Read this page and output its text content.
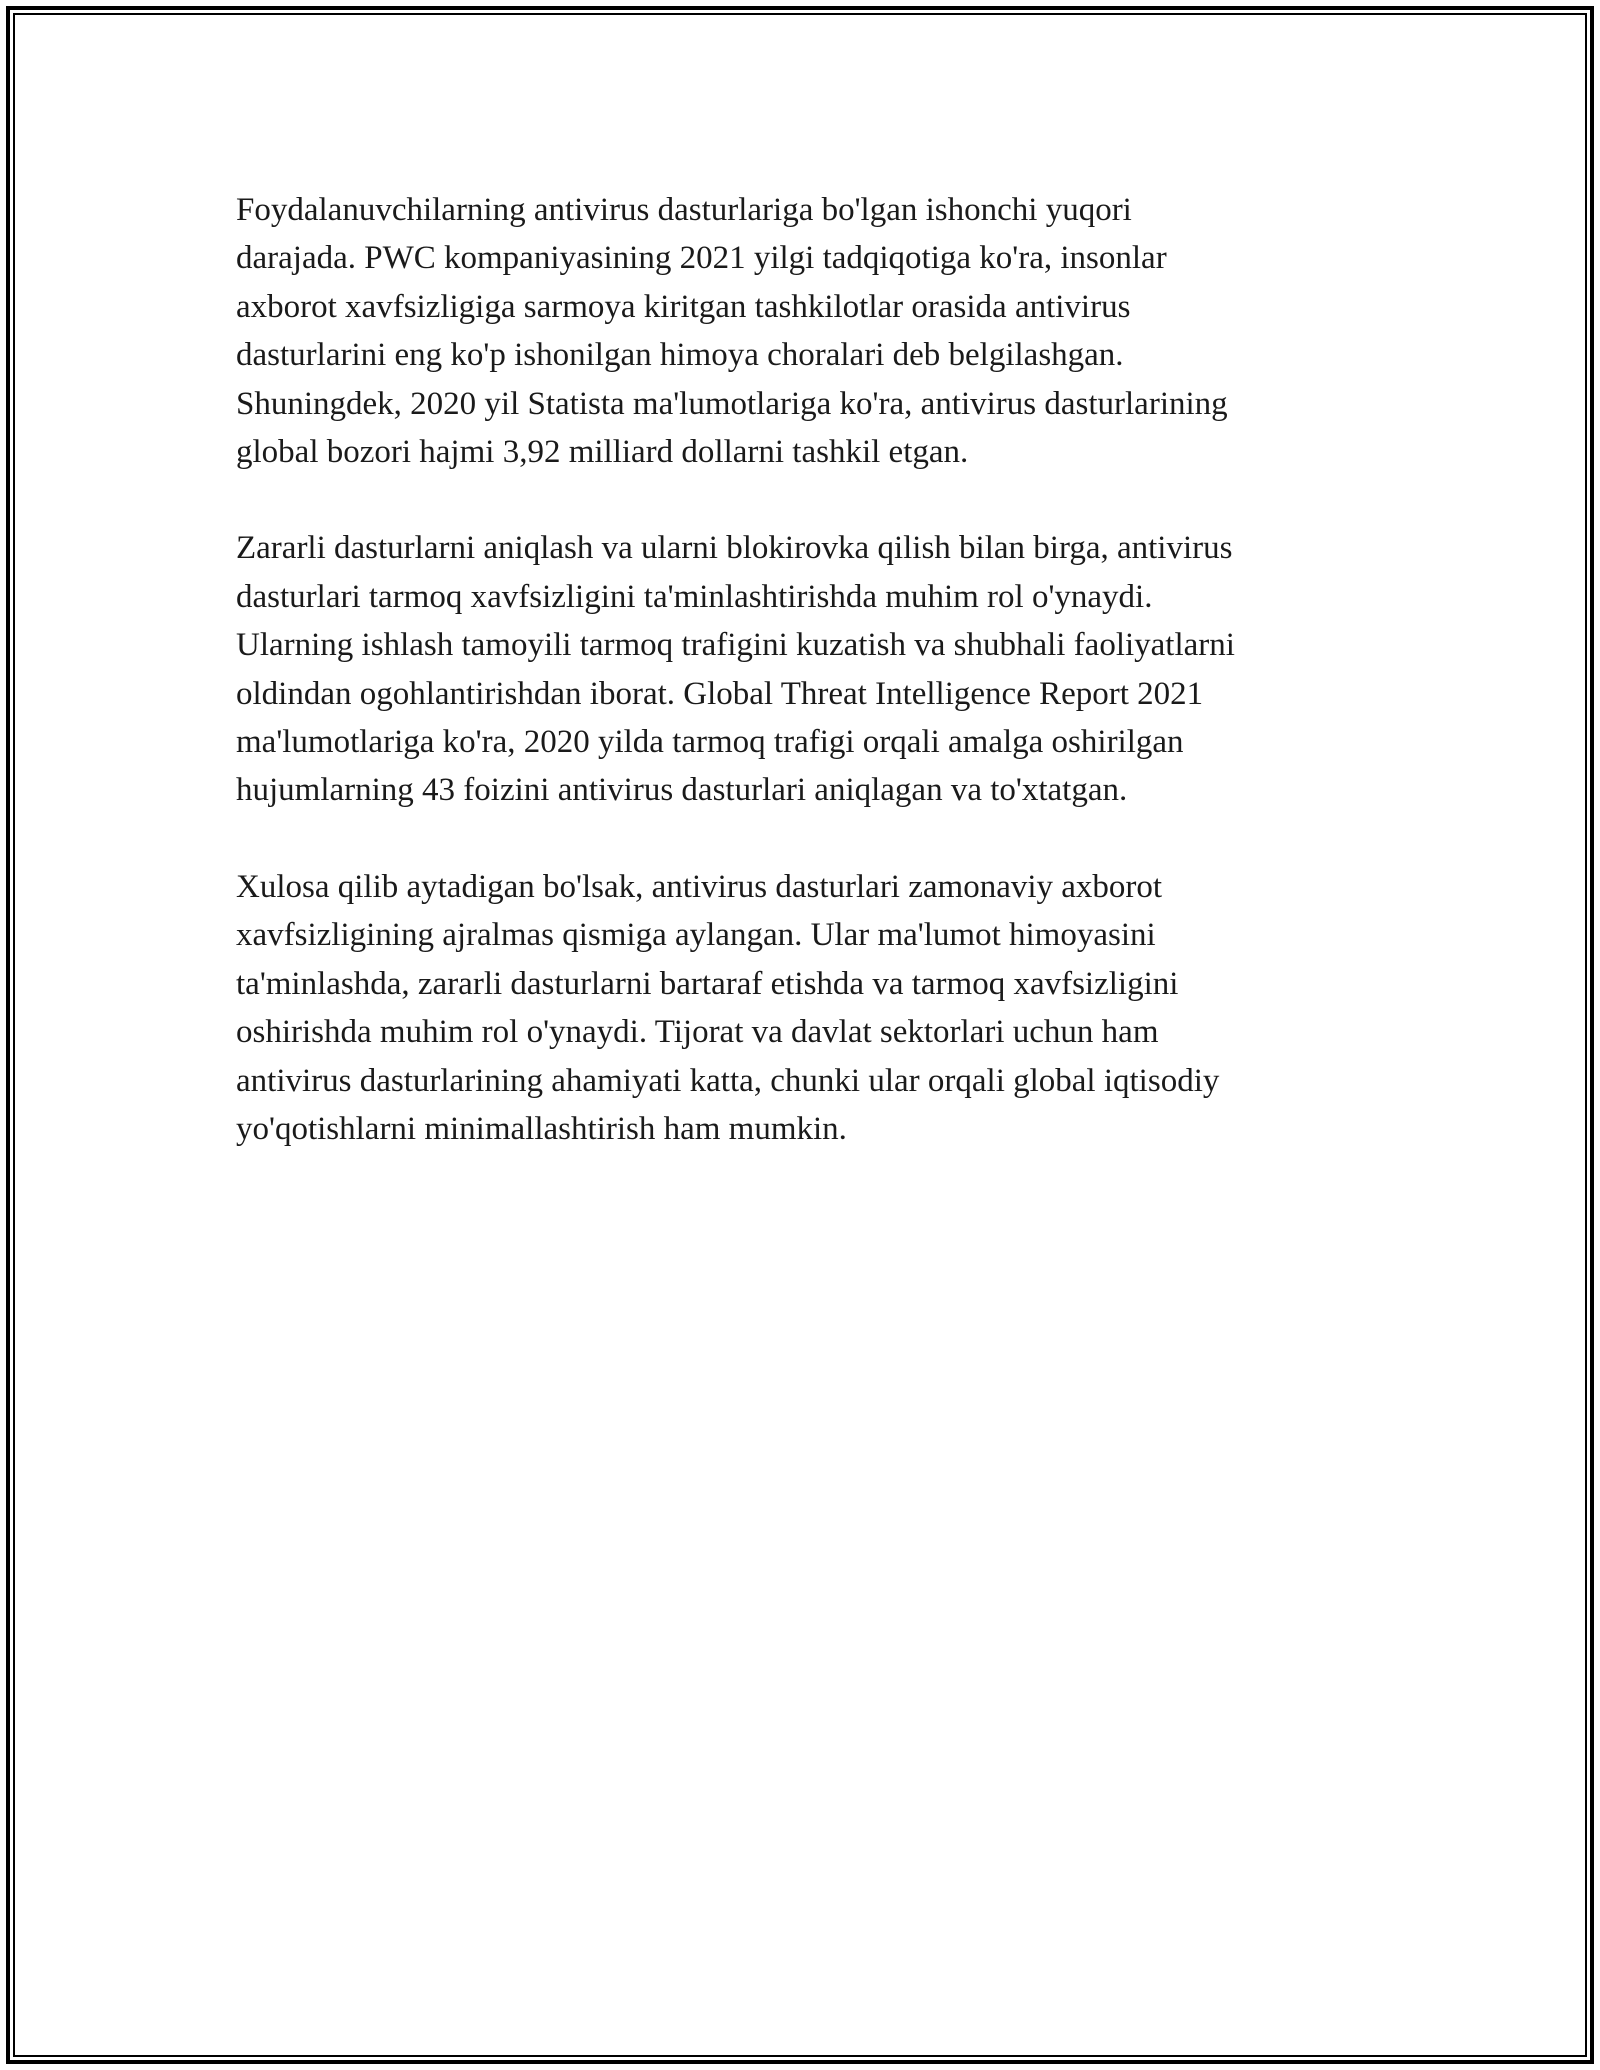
Foydalanuvchilarning antivirus dasturlariga bo'lgan ishonchi yuqori
darajada. PWC kompaniyasining 2021 yilgi tadqiqotiga ko'ra, insonlar
axborot xavfsizligiga sarmoya kiritgan tashkilotlar orasida antivirus
dasturlarini eng ko'p ishonilgan himoya choralari deb belgilashgan.
Shuningdek, 2020 yil Statista ma'lumotlariga ko'ra, antivirus dasturlarining
global bozori hajmi 3,92 milliard dollarni tashkil etgan.

Zararli dasturlarni aniqlash va ularni blokirovka qilish bilan birga, antivirus
dasturlari tarmoq xavfsizligini ta'minlashtirishda muhim rol o'ynaydi.
Ularning ishlash tamoyili tarmoq trafigini kuzatish va shubhali faoliyatlarni
oldindan ogohlantirishdan iborat. Global Threat Intelligence Report 2021
ma'lumotlariga ko'ra, 2020 yilda tarmoq trafigi orqali amalga oshirilgan
hujumlarning 43 foizini antivirus dasturlari aniqlagan va to'xtatgan.

Xulosa qilib aytadigan bo'lsak, antivirus dasturlari zamonaviy axborot
xavfsizligining ajralmas qismiga aylangan. Ular ma'lumot himoyasini
ta'minlashda, zararli dasturlarni bartaraf etishda va tarmoq xavfsizligini
oshirishda muhim rol o'ynaydi. Tijorat va davlat sektorlari uchun ham
antivirus dasturlarining ahamiyati katta, chunki ular orqali global iqtisodiy
yo'qotishlarni minimallashtirish ham mumkin.
